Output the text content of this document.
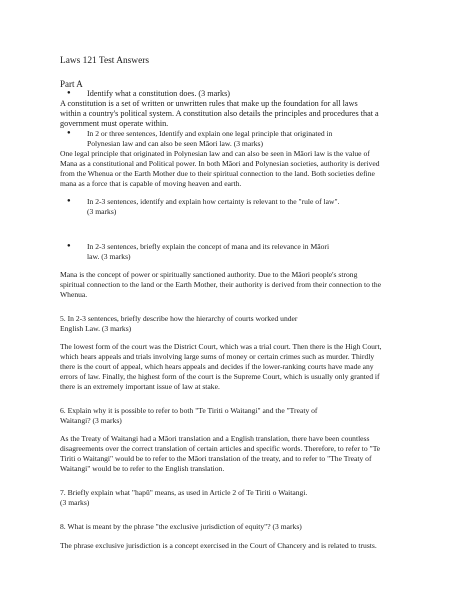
Laws 121 Test Answers
Part A
● Identify what a constitution does. (3 marks)
A constitution is a set of written or unwritten rules that make up the foundation for all laws
within a country's political system. A constitution also details the principles and procedures that a
government must operate within.
● In 2 or three sentences, Identify and explain one legal principle that originated in
Polynesian law and can also be seen Māori law. (3 marks)
One legal principle that originated in Polynesian law and can also be seen in Māori law is the value of
Mana as a constitutional and Political power. In both Māori and Polynesian societies, authority is derived
from the Whenua or the Earth Mother due to their spiritual connection to the land. Both societies define
mana as a force that is capable of moving heaven and earth.
● In 2-3 sentences, identify and explain how certainty is relevant to the "rule of law".
(3 marks)
● In 2-3 sentences, briefly explain the concept of mana and its relevance in Māori
law. (3 marks)
Mana is the concept of power or spiritually sanctioned authority. Due to the Māori people's strong
spiritual connection to the land or the Earth Mother, their authority is derived from their connection to the
Whenua.
5. In 2-3 sentences, briefly describe how the hierarchy of courts worked under
English Law. (3 marks)
The lowest form of the court was the District Court, which was a trial court. Then there is the High Court,
which hears appeals and trials involving large sums of money or certain crimes such as murder. Thirdly
there is the court of appeal, which hears appeals and decides if the lower-ranking courts have made any
errors of law. Finally, the highest form of the court is the Supreme Court, which is usually only granted if
there is an extremely important issue of law at stake.
6. Explain why it is possible to refer to both "Te Tiriti o Waitangi" and the "Treaty of
Waitangi? (3 marks)
As the Treaty of Waitangi had a Māori translation and a English translation, there have been countless
disagreements over the correct translation of certain articles and specific words. Therefore, to refer to "Te
Tiriti o Waitangi" would be to refer to the Māori translation of the treaty, and to refer to "The Treaty of
Waitangi" would be to refer to the English translation.
7. Briefly explain what "hapū" means, as used in Article 2 of Te Tiriti o Waitangi.
(3 marks)
8. What is meant by the phrase "the exclusive jurisdiction of equity"? (3 marks)
The phrase exclusive jurisdiction is a concept exercised in the Court of Chancery and is related to trusts.
